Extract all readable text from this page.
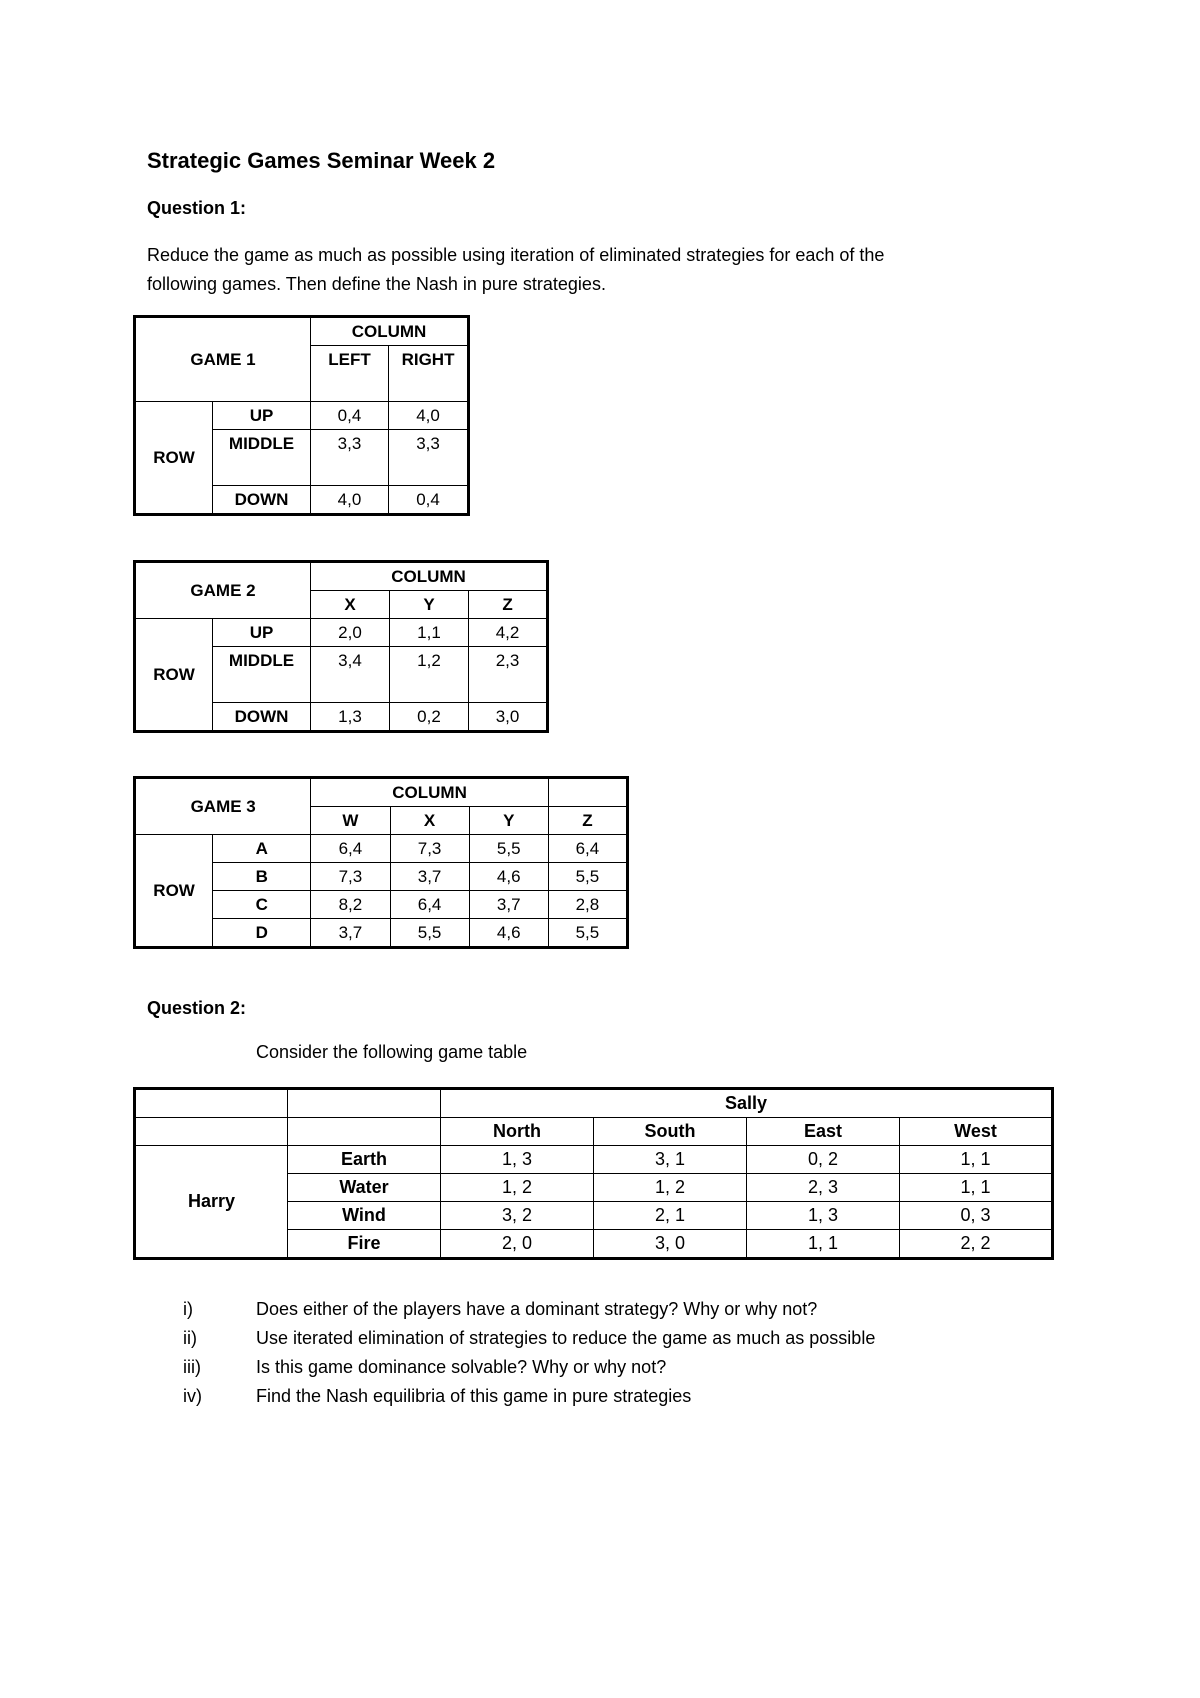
Strategic Games Seminar Week 2
Question 1:
Reduce the game as much as possible using iteration of eliminated strategies for each of the
following games. Then define the Nash in pure strategies.
GAME 1		COLUMN	
		LEFT	RIGHT

ROW	UP	0,4	4,0
	MIDDLE	3,3	3,3

	DOWN	4,0	0,4
GAME 2		COLUMN		
		X	Y	Z
ROW	UP	2,0	1,1	4,2
	MIDDLE	3,4	1,2	2,3

	DOWN	1,3	0,2	3,0
GAME 3		COLUMN			
		W	X	Y	Z
ROW	A	6,4	7,3	5,5	6,4
	B	7,3	3,7	4,6	5,5
	C	8,2	6,4	3,7	2,8
	D	3,7	5,5	4,6	5,5
Question 2:
Consider the following game table
		Sally			
		North	South	East	West
Harry	Earth	1, 3	3, 1	0, 2	1, 1
	Water	1, 2	1, 2	2, 3	1, 1
	Wind	3, 2	2, 1	1, 3	0, 3
	Fire	2, 0	3, 0	1, 1	2, 2
i)	Does either of the players have a dominant strategy? Why or why not?
ii)	Use iterated elimination of strategies to reduce the game as much as possible
iii)	Is this game dominance solvable? Why or why not?
iv)	Find the Nash equilibria of this game in pure strategies
